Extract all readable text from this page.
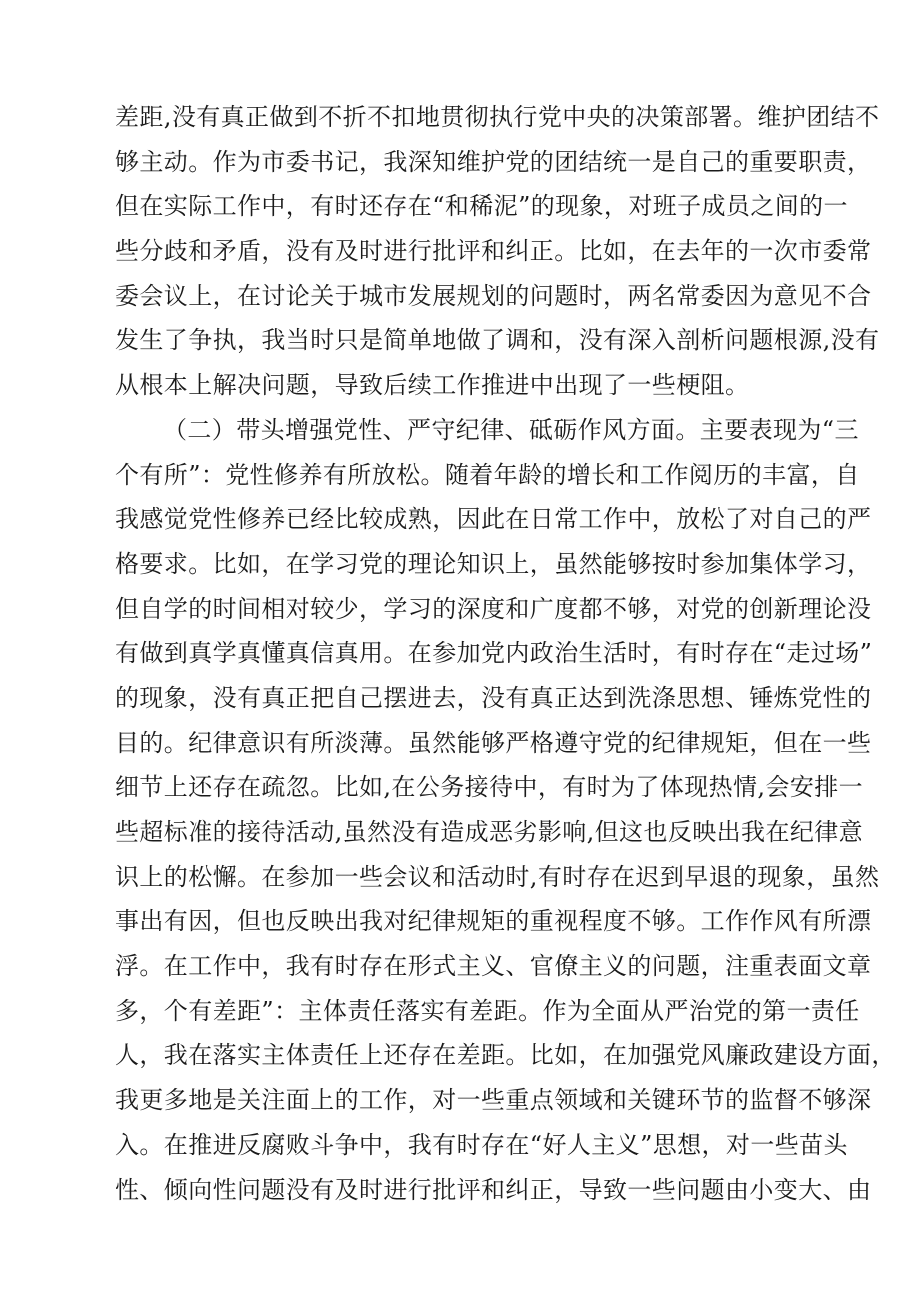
差距,没有真正做到不折不扣地贯彻执行党中央的决策部署。维护团结不
够主动。作为市委书记，我深知维护党的团结统一是自己的重要职责，
但在实际工作中，有时还存在“和稀泥”的现象，对班子成员之间的一
些分歧和矛盾，没有及时进行批评和纠正。比如，在去年的一次市委常
委会议上，在讨论关于城市发展规划的问题时，两名常委因为意见不合
发生了争执，我当时只是简单地做了调和，没有深入剖析问题根源,没有
从根本上解决问题，导致后续工作推进中出现了一些梗阻。
（二）带头增强党性、严守纪律、砥砺作风方面。主要表现为“三
个有所”：党性修养有所放松。随着年龄的增长和工作阅历的丰富，自
我感觉党性修养已经比较成熟，因此在日常工作中，放松了对自己的严
格要求。比如，在学习党的理论知识上，虽然能够按时参加集体学习，
但自学的时间相对较少，学习的深度和广度都不够，对党的创新理论没
有做到真学真懂真信真用。在参加党内政治生活时，有时存在“走过场”
的现象，没有真正把自己摆进去，没有真正达到洗涤思想、锤炼党性的
目的。纪律意识有所淡薄。虽然能够严格遵守党的纪律规矩，但在一些
细节上还存在疏忽。比如,在公务接待中，有时为了体现热情,会安排一
些超标准的接待活动,虽然没有造成恶劣影响,但这也反映出我在纪律意
识上的松懈。在参加一些会议和活动时,有时存在迟到早退的现象，虽然
事出有因，但也反映出我对纪律规矩的重视程度不够。工作作风有所漂
浮。在工作中，我有时存在形式主义、官僚主义的问题，注重表面文章
多，个有差距”：主体责任落实有差距。作为全面从严治党的第一责任
人，我在落实主体责任上还存在差距。比如，在加强党风廉政建设方面，
我更多地是关注面上的工作，对一些重点领域和关键环节的监督不够深
入。在推进反腐败斗争中，我有时存在“好人主义”思想，对一些苗头
性、倾向性问题没有及时进行批评和纠正，导致一些问题由小变大、由
